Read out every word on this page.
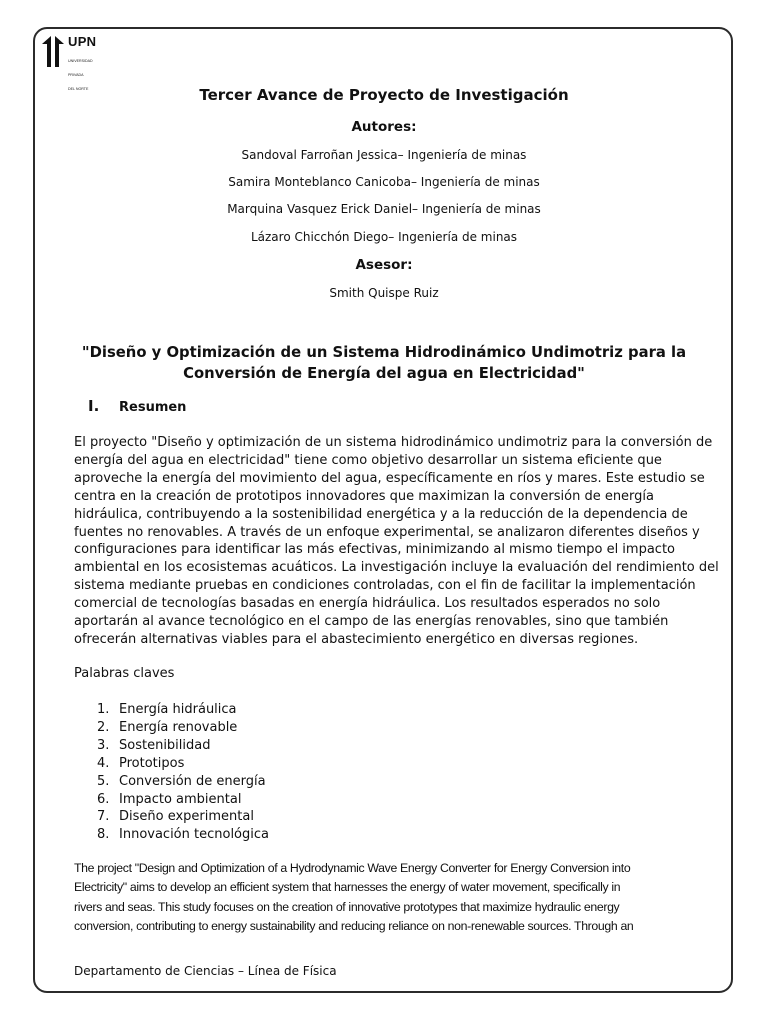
UPN

UNIVERSIDAD

PRIVADA

DEL NORTE

	Tercer Avance de Proyecto de Investigación
Autores:
Sandoval Farroñan Jessica– Ingeniería de minas
Samira Monteblanco Canicoba– Ingeniería de minas
Marquina Vasquez Erick Daniel– Ingeniería de minas
Lázaro Chicchón Diego– Ingeniería de minas
Asesor:
Smith Quispe Ruiz
"Diseño y Optimización de un Sistema Hidrodinámico Undimotriz para la
Conversión de Energía del agua en Electricidad"
I. Resumen
El proyecto "Diseño y optimización de un sistema hidrodinámico undimotriz para la conversión de
energía del agua en electricidad" tiene como objetivo desarrollar un sistema eficiente que
aproveche la energía del movimiento del agua, específicamente en ríos y mares. Este estudio se
centra en la creación de prototipos innovadores que maximizan la conversión de energía
hidráulica, contribuyendo a la sostenibilidad energética y a la reducción de la dependencia de
fuentes no renovables. A través de un enfoque experimental, se analizaron diferentes diseños y
configuraciones para identificar las más efectivas, minimizando al mismo tiempo el impacto
ambiental en los ecosistemas acuáticos. La investigación incluye la evaluación del rendimiento del
sistema mediante pruebas en condiciones controladas, con el fin de facilitar la implementación
comercial de tecnologías basadas en energía hidráulica. Los resultados esperados no solo
aportarán al avance tecnológico en el campo de las energías renovables, sino que también
ofrecerán alternativas viables para el abastecimiento energético en diversas regiones.
Palabras claves
1. Energía hidráulica
2. Energía renovable
3. Sostenibilidad
4. Prototipos
5. Conversión de energía
6. Impacto ambiental
7. Diseño experimental
8. Innovación tecnológica
The project "Design and Optimization of a Hydrodynamic Wave Energy Converter for Energy Conversion into
Electricity" aims to develop an efficient system that harnesses the energy of water movement, specifically in
rivers and seas. This study focuses on the creation of innovative prototypes that maximize hydraulic energy
conversion, contributing to energy sustainability and reducing reliance on non-renewable sources. Through an
Departamento de Ciencias – Línea de Física
